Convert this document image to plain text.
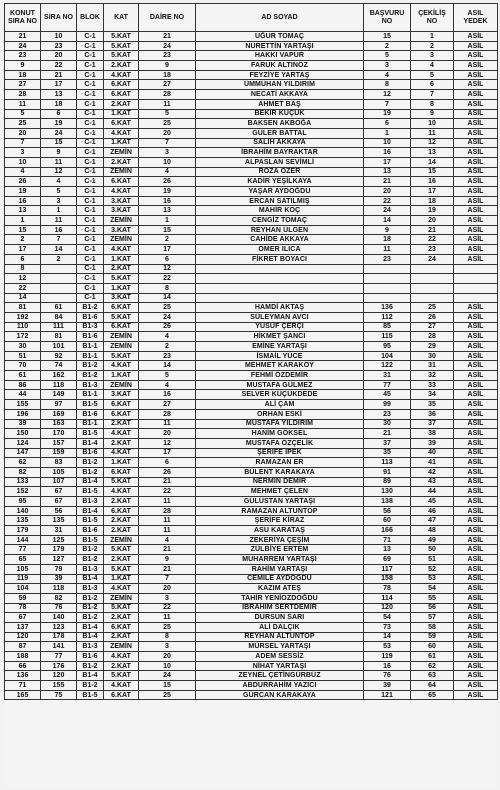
KONUT SIRA NO	SIRA NO	BLOK	KAT	DAİRE NO	AD SOYAD	BAŞVURU NO	ÇEKİLİŞ NO	ASIL YEDEK
21	10	C-1	5.KAT	21	UĞUR TOMAÇ	15	1	ASİL
24	23	C-1	5.KAT	24	NURETTİN YARTAŞI	2	2	ASİL
23	20	C-1	5.KAT	23	HAKKI VAPUR	5	3	ASİL
9	22	C-1	2.KAT	9	FARUK ALTINÖZ	3	4	ASİL
18	21	C-1	4.KAT	18	FEYZİYE YARTAŞ	4	5	ASİL
27	17	C-1	6.KAT	27	ÜMMÜHAN YILDIRIM	8	6	ASİL
28	13	C-1	6.KAT	28	NECATİ AKKAYA	12	7	ASİL
11	18	C-1	2.KAT	11	AHMET BAŞ	7	8	ASİL
5	6	C-1	1.KAT	5	BEKİR KÜÇÜK	19	9	ASİL
25	19	C-1	6.KAT	25	BAKSEN AKBOĞA	6	10	ASİL
20	24	C-1	4.KAT	20	GÜLER BATTAL	1	11	ASİL
7	15	C-1	1.KAT	7	SALİH AKKAYA	10	12	ASİL
3	9	C-1	ZEMİN	3	İBRAHİM BAYRAKTAR	16	13	ASİL
10	11	C-1	2.KAT	10	ALPASLAN SEVİMLİ	17	14	ASİL
4	12	C-1	ZEMİN	4	ROZA ÖZER	13	15	ASİL
26	4	C-1	6.KAT	26	KADİR YEŞİLKAYA	21	16	ASİL
19	5	C-1	4.KAT	19	YAŞAR AYDOĞDU	20	17	ASİL
16	3	C-1	3.KAT	16	ERCAN SATILMIŞ	22	18	ASİL
13	1	C-1	3.KAT	13	MAHİR KOÇ	24	19	ASİL
1	11	C-1	ZEMİN	1	CENGİZ TOMAÇ	14	20	ASİL
15	16	C-1	3.KAT	15	REYHAN ÜLGEN	9	21	ASİL
2	7	C-1	ZEMİN	2	CAHİDE AKKAYA	18	22	ASİL
17	14	C-1	4.KAT	17	ÖMER ILICA	11	23	ASİL
6	2	C-1	1.KAT	6	FİKRET BOYACI	23	24	ASİL
8		C-1	2.KAT	12				
12		C-1	5.KAT	22				
22		C-1	1.KAT	8				
14		C-1	3.KAT	14				
81	61	B1-2	6.KAT	25	HAMDİ AKTAŞ	136	25	ASİL
192	84	B1-6	5.KAT	24	SÜLEYMAN AVCI	112	26	ASİL
110	111	B1-3	6.KAT	26	YUSUF ÇERÇİ	85	27	ASİL
172	81	B1-6	ZEMİN	4	HİKMET ŞANCI	115	28	ASİL
30	101	B1-1	ZEMİN	2	EMİNE YARTAŞI	95	29	ASİL
51	92	B1-1	5.KAT	23	İSMAİL YÜCE	104	30	ASİL
70	74	B1-2	4.KAT	14	MEHMET KARAKÖY	122	31	ASİL
61	162	B1-2	1.KAT	5	FEHMİ ÖZDEMİR	31	32	ASİL
86	118	B1-3	ZEMİN	4	MUSTAFA GÜLMEZ	77	33	ASİL
44	149	B1-1	3.KAT	16	SELVER KÜÇÜKDEDE	45	34	ASİL
155	97	B1-5	6.KAT	27	ALİ ÇAM	99	35	ASİL
196	169	B1-6	6.KAT	28	ORHAN ESKİ	23	36	ASİL
39	163	B1-1	2.KAT	11	MUSTAFA YILDIRIM	30	37	ASİL
150	170	B1-5	4.KAT	20	HANİM GÖKSEL	21	38	ASİL
124	157	B1-4	2.KAT	12	MUSTAFA ÖZÇELİK	37	39	ASİL
147	159	B1-6	4.KAT	17	ŞERİFE İPEK	35	40	ASİL
62	83	B1-2	1.KAT	6	RAMAZAN ER	113	41	ASİL
82	105	B1-2	6.KAT	26	BÜLENT KARAKAYA	91	42	ASİL
133	107	B1-4	5.KAT	21	NERMİN DEMİR	89	43	ASİL
152	67	B1-5	4.KAT	22	MEHMET ÇELEN	130	44	ASİL
95	67	B1-3	2.KAT	11	GÜLÜSTAN YARTAŞI	138	45	ASİL
140	56	B1-4	6.KAT	28	RAMAZAN ALTUNTOP	56	46	ASİL
135	135	B1-5	2.KAT	11	ŞERİFE KİRAZ	60	47	ASİL
179	31	B1-6	2.KAT	11	ASU KARATAŞ	166	48	ASİL
144	125	B1-5	ZEMİN	4	ZEKERİYA ÇEŞİM	71	49	ASİL
77	179	B1-2	5.KAT	21	ZÜLBİYE ERTEM	13	50	ASİL
65	127	B1-2	2.KAT	9	MUHARREM YARTAŞI	69	51	ASİL
105	79	B1-3	5.KAT	21	RAHİM YARTAŞI	117	52	ASİL
119	39	B1-4	1.KAT	7	CEMİLE AYDOĞDU	158	53	ASİL
104	118	B1-3	4.KAT	20	KAZIM ATEŞ	78	54	ASİL
59	82	B1-2	ZEMİN	3	TAHİR YENİOZDOĞDU	114	55	ASİL
78	76	B1-2	5.KAT	22	İBRAHİM SERTDEMİR	120	56	ASİL
67	140	B1-2	2.KAT	11	DURSUN SARI	54	57	ASİL
137	123	B1-4	6.KAT	25	ALİ DALÇIK	73	58	ASİL
120	178	B1-4	2.KAT	8	REYHAN ALTUNTOP	14	59	ASİL
87	141	B1-3	ZEMİN	3	MÜRSEL YARTAŞI	53	60	ASİL
188	77	B1-6	4.KAT	20	ADEM SESSİZ	119	61	ASİL
66	176	B1-2	2.KAT	10	NİHAT YARTAŞI	16	62	ASİL
136	120	B1-4	5.KAT	24	ZEYNEL ÇETİNGÜRBÜZ	76	63	ASİL
71	155	B1-2	4.KAT	15	ABDURRAHİM YAZICI	39	64	ASİL
165	75	B1-5	6.KAT	25	GÜRCAN KARAKAYA	121	65	ASİL
